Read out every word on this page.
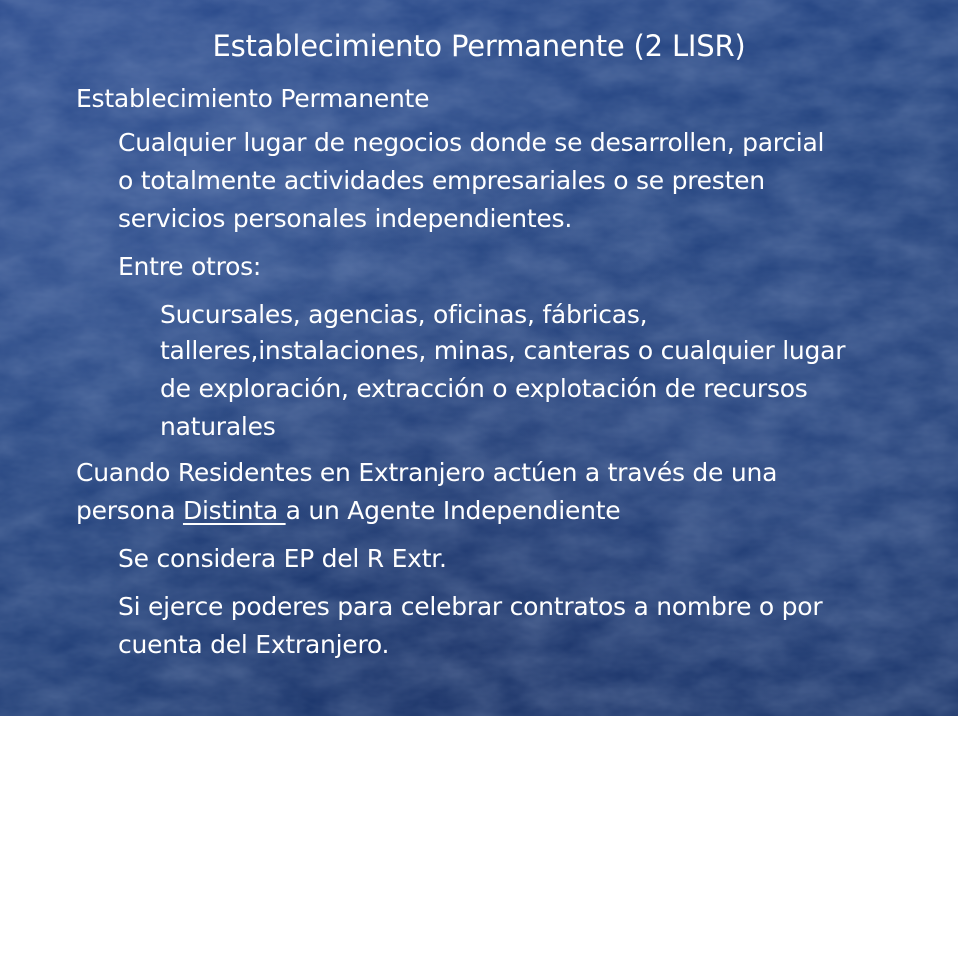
Establecimiento Permanente (2 LISR)
Establecimiento Permanente
Cualquier lugar de negocios donde se desarrollen, parcial
o totalmente actividades empresariales o se presten
servicios personales independientes.
Entre otros:
Sucursales, agencias, oficinas, fábricas,
talleres,instalaciones, minas, canteras o cualquier lugar
de exploración, extracción o explotación de recursos
naturales
Cuando Residentes en Extranjero actúen a través de una
persona Distinta a un Agente Independiente
Se considera EP del R Extr.
Si ejerce poderes para celebrar contratos a nombre o por
cuenta del Extranjero.
